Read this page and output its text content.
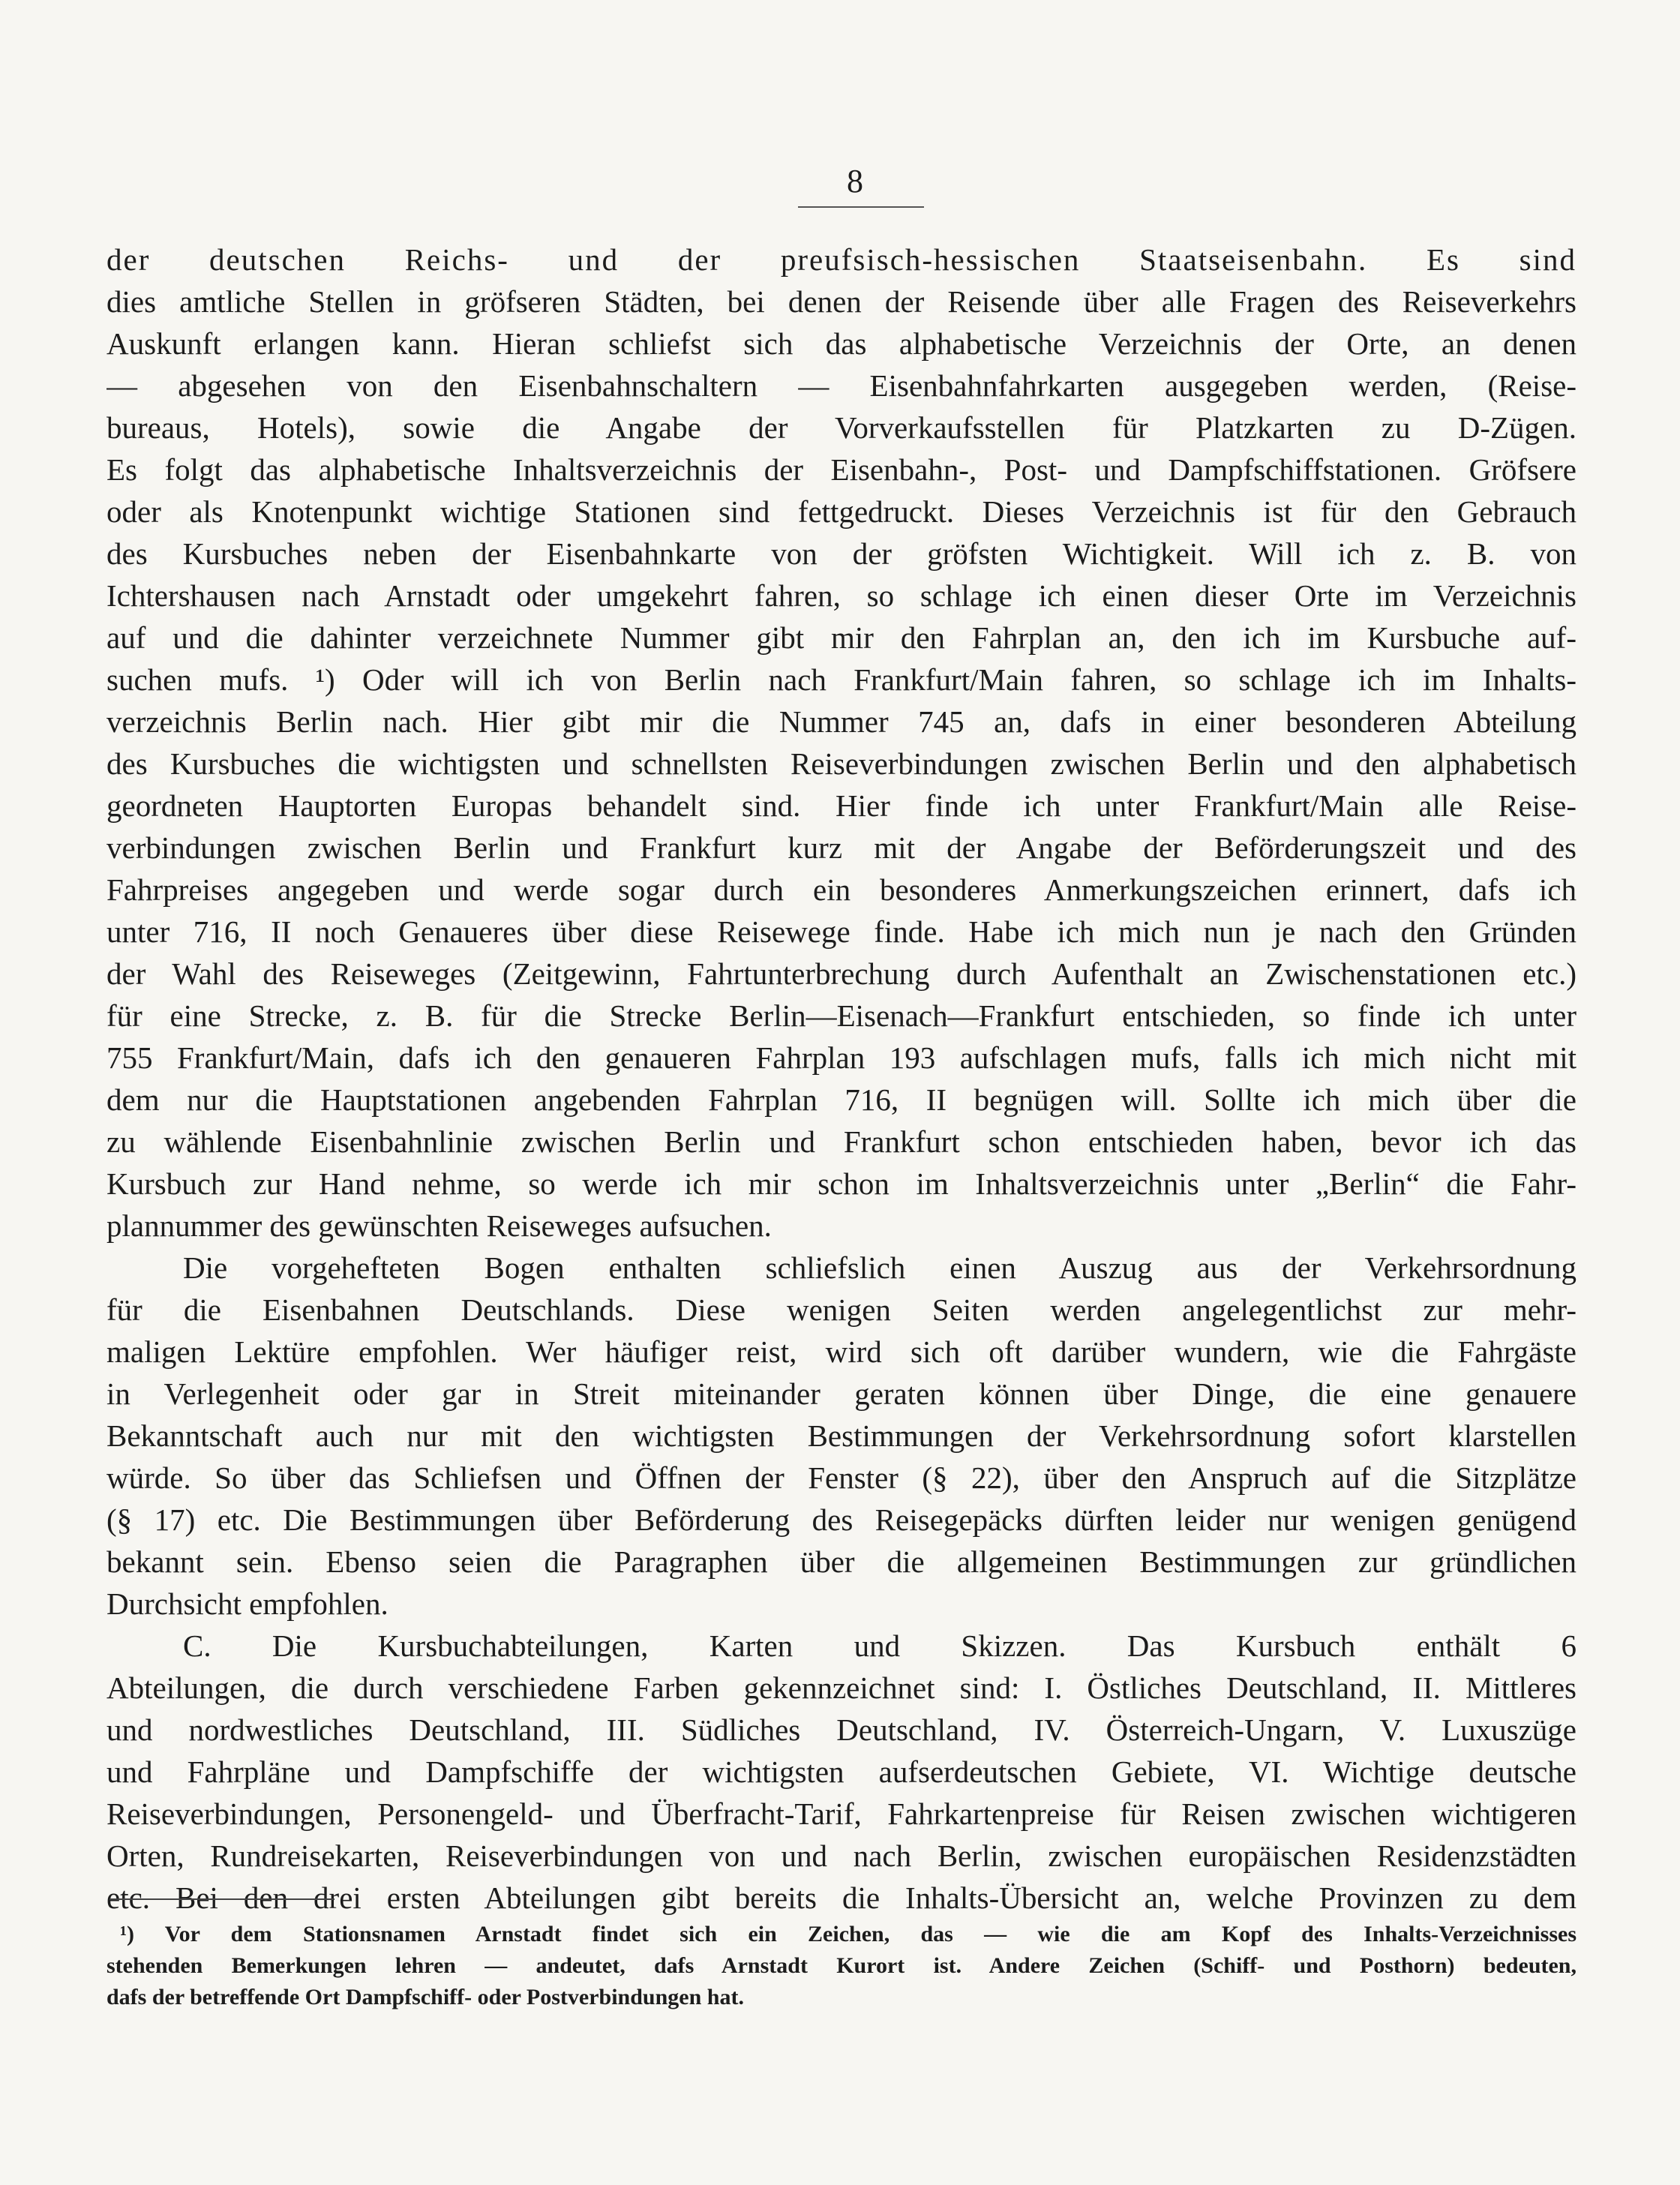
8
der deutschen Reichs- und der preufsisch-hessischen Staatseisenbahn. Es sind
dies amtliche Stellen in gröfseren Städten, bei denen der Reisende über alle Fragen des Reiseverkehrs
Auskunft erlangen kann. Hieran schliefst sich das alphabetische Verzeichnis der Orte, an denen
— abgesehen von den Eisenbahnschaltern — Eisenbahnfahrkarten ausgegeben werden, (Reise-
bureaus, Hotels), sowie die Angabe der Vorverkaufsstellen für Platzkarten zu D-Zügen.
Es folgt das alphabetische Inhaltsverzeichnis der Eisenbahn-, Post- und Dampfschiffstationen. Gröfsere
oder als Knotenpunkt wichtige Stationen sind fettgedruckt. Dieses Verzeichnis ist für den Gebrauch
des Kursbuches neben der Eisenbahnkarte von der gröfsten Wichtigkeit. Will ich z. B. von
Ichtershausen nach Arnstadt oder umgekehrt fahren, so schlage ich einen dieser Orte im Verzeichnis
auf und die dahinter verzeichnete Nummer gibt mir den Fahrplan an, den ich im Kursbuche auf-
suchen mufs. ¹) Oder will ich von Berlin nach Frankfurt/Main fahren, so schlage ich im Inhalts-
verzeichnis Berlin nach. Hier gibt mir die Nummer 745 an, dafs in einer besonderen Abteilung
des Kursbuches die wichtigsten und schnellsten Reiseverbindungen zwischen Berlin und den alphabetisch
geordneten Hauptorten Europas behandelt sind. Hier finde ich unter Frankfurt/Main alle Reise-
verbindungen zwischen Berlin und Frankfurt kurz mit der Angabe der Beförderungszeit und des
Fahrpreises angegeben und werde sogar durch ein besonderes Anmerkungszeichen erinnert, dafs ich
unter 716, II noch Genaueres über diese Reisewege finde. Habe ich mich nun je nach den Gründen
der Wahl des Reiseweges (Zeitgewinn, Fahrtunterbrechung durch Aufenthalt an Zwischenstationen etc.)
für eine Strecke, z. B. für die Strecke Berlin—Eisenach—Frankfurt entschieden, so finde ich unter
755 Frankfurt/Main, dafs ich den genaueren Fahrplan 193 aufschlagen mufs, falls ich mich nicht mit
dem nur die Hauptstationen angebenden Fahrplan 716, II begnügen will. Sollte ich mich über die
zu wählende Eisenbahnlinie zwischen Berlin und Frankfurt schon entschieden haben, bevor ich das
Kursbuch zur Hand nehme, so werde ich mir schon im Inhaltsverzeichnis unter „Berlin“ die Fahr-
plannummer des gewünschten Reiseweges aufsuchen.
Die vorgehefteten Bogen enthalten schliefslich einen Auszug aus der Verkehrsordnung
für die Eisenbahnen Deutschlands. Diese wenigen Seiten werden angelegentlichst zur mehr-
maligen Lektüre empfohlen. Wer häufiger reist, wird sich oft darüber wundern, wie die Fahrgäste
in Verlegenheit oder gar in Streit miteinander geraten können über Dinge, die eine genauere
Bekanntschaft auch nur mit den wichtigsten Bestimmungen der Verkehrsordnung sofort klarstellen
würde. So über das Schliefsen und Öffnen der Fenster (§ 22), über den Anspruch auf die Sitzplätze
(§ 17) etc. Die Bestimmungen über Beförderung des Reisegepäcks dürften leider nur wenigen genügend
bekannt sein. Ebenso seien die Paragraphen über die allgemeinen Bestimmungen zur gründlichen
Durchsicht empfohlen.
C. Die Kursbuchabteilungen, Karten und Skizzen. Das Kursbuch enthält 6
Abteilungen, die durch verschiedene Farben gekennzeichnet sind: I. Östliches Deutschland, II. Mittleres
und nordwestliches Deutschland, III. Südliches Deutschland, IV. Österreich-Ungarn, V. Luxuszüge
und Fahrpläne und Dampfschiffe der wichtigsten aufserdeutschen Gebiete, VI. Wichtige deutsche
Reiseverbindungen, Personengeld- und Überfracht-Tarif, Fahrkartenpreise für Reisen zwischen wichtigeren
Orten, Rundreisekarten, Reiseverbindungen von und nach Berlin, zwischen europäischen Residenzstädten
etc. Bei den drei ersten Abteilungen gibt bereits die Inhalts-Übersicht an, welche Provinzen zu dem
¹) Vor dem Stationsnamen Arnstadt findet sich ein Zeichen, das — wie die am Kopf des Inhalts-Verzeichnisses
stehenden Bemerkungen lehren — andeutet, dafs Arnstadt Kurort ist. Andere Zeichen (Schiff- und Posthorn) bedeuten,
dafs der betreffende Ort Dampfschiff- oder Postverbindungen hat.
